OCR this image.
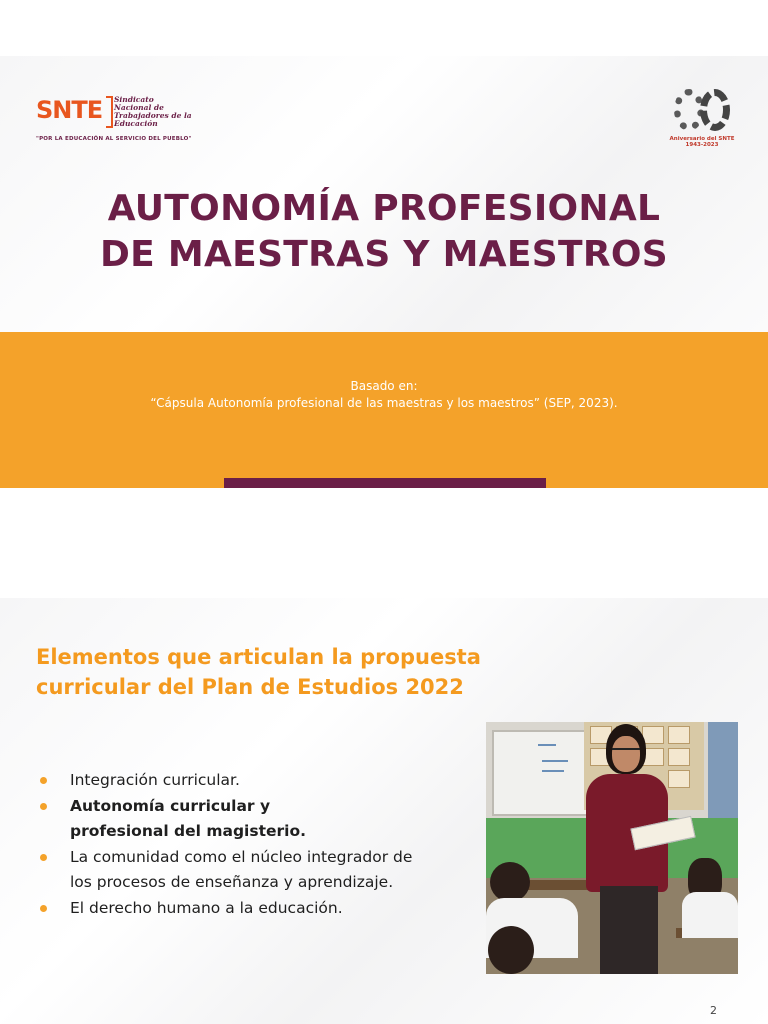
SNTE Sindicato
Nacional de
Trabajadores de la
Educación
"POR LA EDUCACIÓN AL SERVICIO DEL PUEBLO"	Aniversario del SNTE
1943-2023
AUTONOMÍA PROFESIONAL
DE MAESTRAS Y MAESTROS
Basado en:
“Cápsula Autonomía profesional de las maestras y los maestros” (SEP, 2023).
Elementos que articulan la propuesta
curricular del Plan de Estudios 2022
Integración curricular.
Autonomía curricular y
profesional del magisterio.
La comunidad como el núcleo integrador de
los procesos de enseñanza y aprendizaje.
El derecho humano a la educación.
2
